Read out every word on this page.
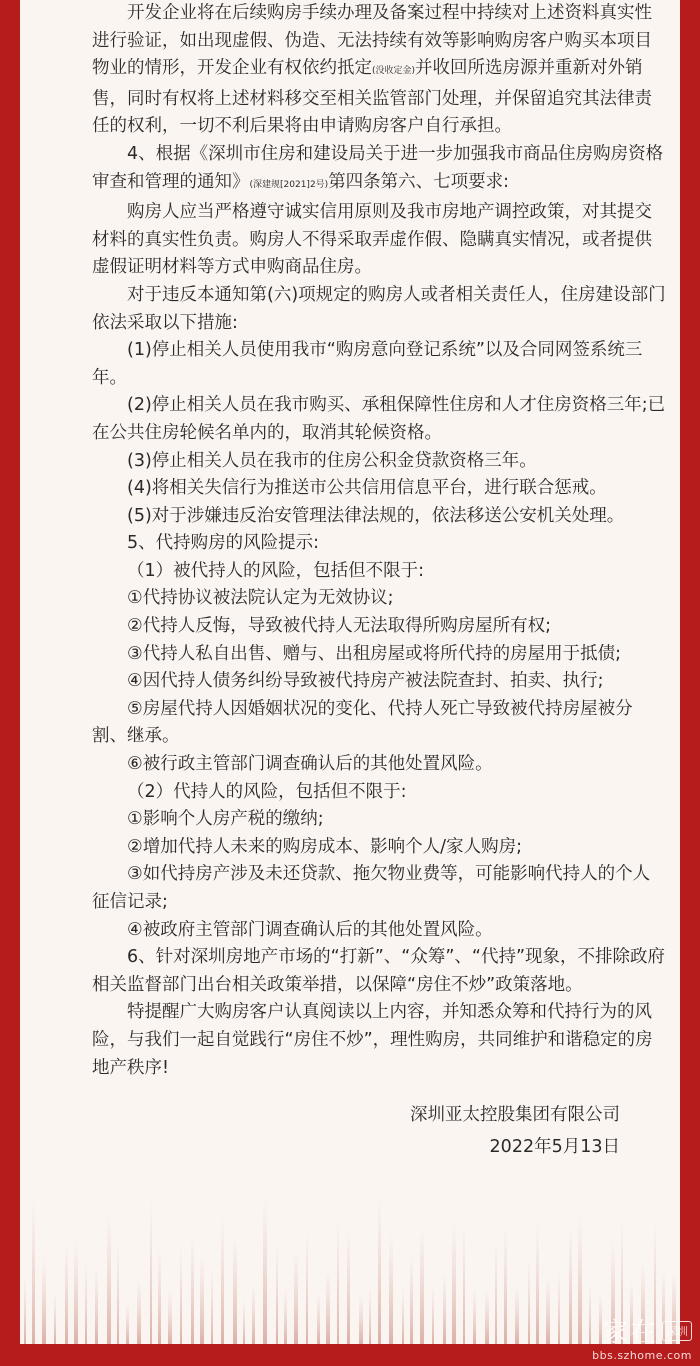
开发企业将在后续购房手续办理及备案过程中持续对上述资料真实性进行验证，如出现虚假、伪造、无法持续有效等影响购房客户购买本项目物业的情形，开发企业有权依约扺定(没收定金)并收回所选房源并重新对外销售，同时有权将上述材料移交至相关监管部门处理，并保留追究其法律责任的权利，一切不利后果将由申请购房客户自行承担。

4、根据《深圳市住房和建设局关于进一步加强我市商品住房购房资格审查和管理的通知》(深建规[2021]2号)第四条第六、七项要求:

购房人应当严格遵守诚实信用原则及我市房地产调控政策，对其提交材料的真实性负责。购房人不得采取弄虚作假、隐瞒真实情况，或者提供虚假证明材料等方式申购商品住房。

对于违反本通知第(六)项规定的购房人或者相关责任人，住房建设部门依法采取以下措施:

(1)停止相关人员使用我市“购房意向登记系统”以及合同网签系统三年。

(2)停止相关人员在我市购买、承租保障性住房和人才住房资格三年;已在公共住房轮候名单内的，取消其轮候资格。

(3)停止相关人员在我市的住房公积金贷款资格三年。

(4)将相关失信行为推送市公共信用信息平台，进行联合惩戒。

(5)对于涉嫌违反治安管理法律法规的，依法移送公安机关处理。

5、代持购房的风险提示:

（1）被代持人的风险，包括但不限于:

①代持协议被法院认定为无效协议;

②代持人反悔，导致被代持人无法取得所购房屋所有权;

③代持人私自出售、赠与、出租房屋或将所代持的房屋用于抵债;

④因代持人债务纠纷导致被代持房产被法院查封、拍卖、执行;

⑤房屋代持人因婚姻状况的变化、代持人死亡导致被代持房屋被分割、继承。

⑥被行政主管部门调查确认后的其他处置风险。

（2）代持人的风险，包括但不限于:

①影响个人房产税的缴纳;

②增加代持人未来的购房成本、影响个人/家人购房;

③如代持房产涉及未还贷款、拖欠物业费等，可能影响代持人的个人征信记录;

④被政府主管部门调查确认后的其他处置风险。

6、针对深圳房地产市场的“打新”、“众筹”、“代持”现象，不排除政府相关监督部门出台相关政策举措，以保障“房住不炒”政策落地。

特提醒广大购房客户认真阅读以上内容，并知悉众筹和代持行为的风险，与我们一起自觉践行“房住不炒”，理性购房，共同维护和谐稳定的房地产秩序!

深圳亚太控股集团有限公司
2022年5月13日
家在 深圳
bbs.szhome.com
